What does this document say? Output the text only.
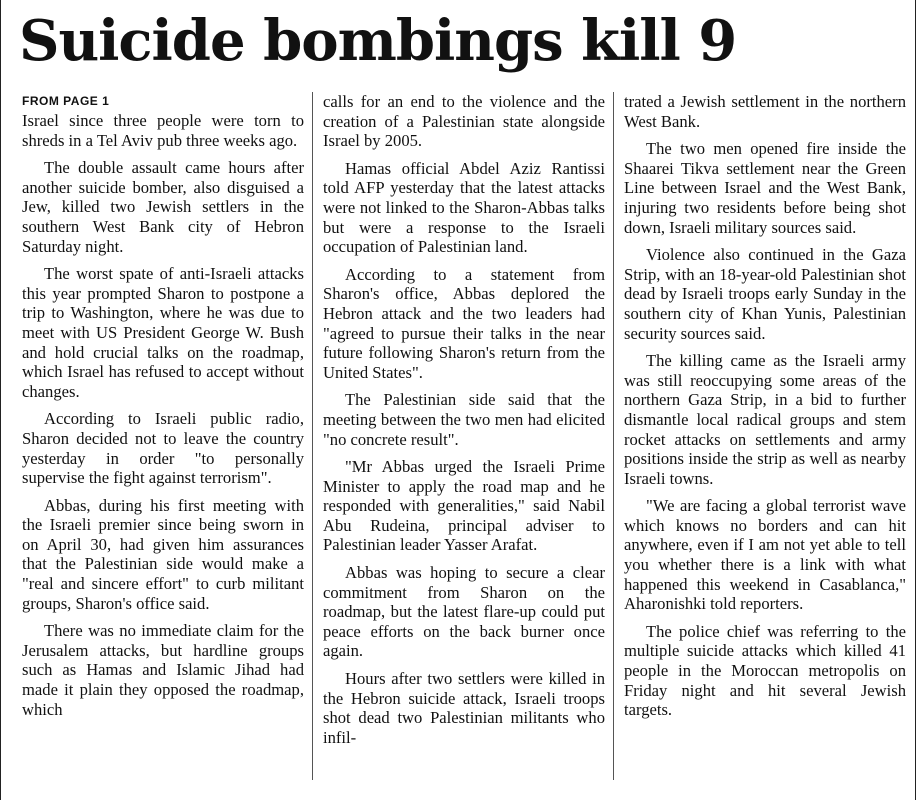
Suicide bombings kill 9
FROM PAGE 1

Israel since three people were torn to shreds in a Tel Aviv pub three weeks ago.

The double assault came hours after another suicide bomber, also disguised a Jew, killed two Jewish settlers in the southern West Bank city of Hebron Saturday night.

The worst spate of anti-Israeli attacks this year prompted Sharon to postpone a trip to Washington, where he was due to meet with US President George W. Bush and hold crucial talks on the roadmap, which Israel has refused to accept without changes.

According to Israeli public radio, Sharon decided not to leave the country yesterday in order "to personally supervise the fight against terrorism".

Abbas, during his first meeting with the Israeli premier since being sworn in on April 30, had given him assurances that the Palestinian side would make a "real and sincere effort" to curb militant groups, Sharon's office said.

There was no immediate claim for the Jerusalem attacks, but hardline groups such as Hamas and Islamic Jihad had made it plain they opposed the roadmap, which

calls for an end to the violence and the creation of a Palestinian state alongside Israel by 2005.

Hamas official Abdel Aziz Rantissi told AFP yesterday that the latest attacks were not linked to the Sharon-Abbas talks but were a response to the Israeli occupation of Palestinian land.

According to a statement from Sharon's office, Abbas deplored the Hebron attack and the two leaders had "agreed to pursue their talks in the near future following Sharon's return from the United States".

The Palestinian side said that the meeting between the two men had elicited "no concrete result".

"Mr Abbas urged the Israeli Prime Minister to apply the road map and he responded with generalities," said Nabil Abu Rudeina, principal adviser to Palestinian leader Yasser Arafat.

Abbas was hoping to secure a clear commitment from Sharon on the roadmap, but the latest flare-up could put peace efforts on the back burner once again.

Hours after two settlers were killed in the Hebron suicide attack, Israeli troops shot dead two Palestinian militants who infil-

trated a Jewish settlement in the northern West Bank.

The two men opened fire inside the Shaarei Tikva settlement near the Green Line between Israel and the West Bank, injuring two residents before being shot down, Israeli military sources said.

Violence also continued in the Gaza Strip, with an 18-year-old Palestinian shot dead by Israeli troops early Sunday in the southern city of Khan Yunis, Palestinian security sources said.

The killing came as the Israeli army was still reoccupying some areas of the northern Gaza Strip, in a bid to further dismantle local radical groups and stem rocket attacks on settlements and army positions inside the strip as well as nearby Israeli towns.

"We are facing a global terrorist wave which knows no borders and can hit anywhere, even if I am not yet able to tell you whether there is a link with what happened this weekend in Casablanca," Aharonishki told reporters.

The police chief was referring to the multiple suicide attacks which killed 41 people in the Moroccan metropolis on Friday night and hit several Jewish targets.
